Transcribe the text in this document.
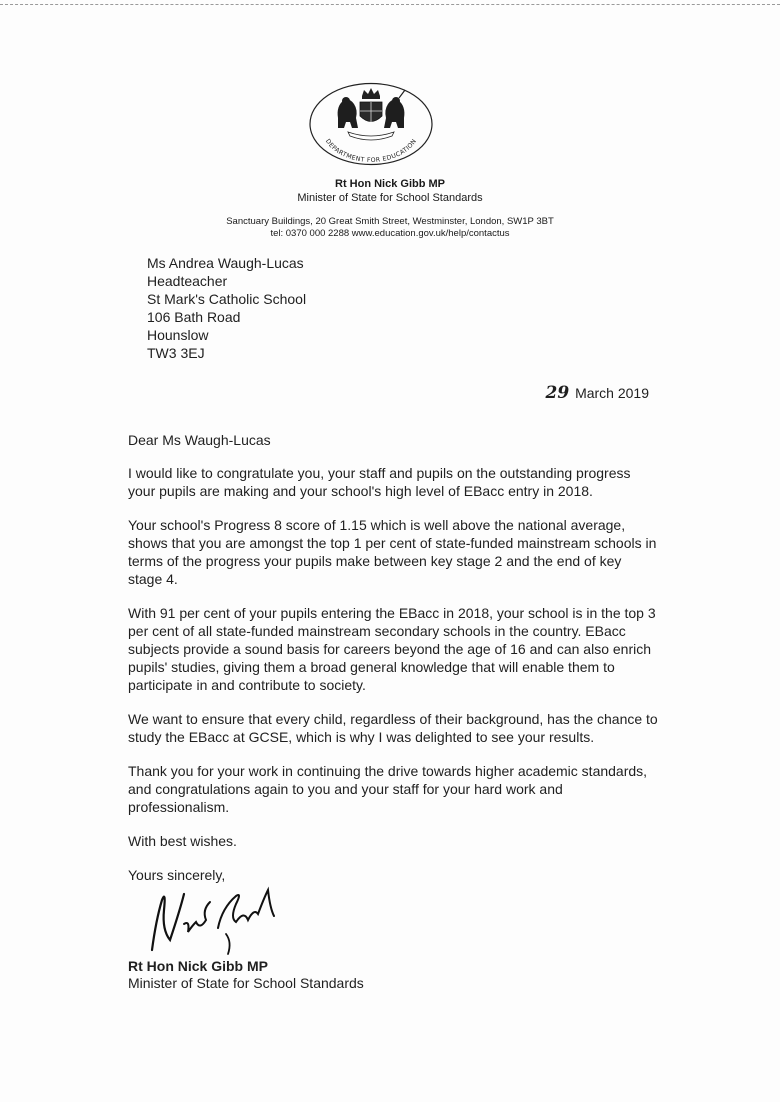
DEPARTMENT FOR EDUCATION
Rt Hon Nick Gibb MP
Minister of State for School Standards
Sanctuary Buildings, 20 Great Smith Street, Westminster, London, SW1P 3BT
tel: 0370 000 2288 www.education.gov.uk/help/contactus
Ms Andrea Waugh-Lucas
Headteacher
St Mark's Catholic School
106 Bath Road
Hounslow
TW3 3EJ
29 March 2019
Dear Ms Waugh-Lucas

I would like to congratulate you, your staff and pupils on the outstanding progress your pupils are making and your school's high level of EBacc entry in 2018.

Your school's Progress 8 score of 1.15 which is well above the national average, shows that you are amongst the top 1 per cent of state-funded mainstream schools in terms of the progress your pupils make between key stage 2 and the end of key stage 4.

With 91 per cent of your pupils entering the EBacc in 2018, your school is in the top 3 per cent of all state-funded mainstream secondary schools in the country. EBacc subjects provide a sound basis for careers beyond the age of 16 and can also enrich pupils' studies, giving them a broad general knowledge that will enable them to participate in and contribute to society.

We want to ensure that every child, regardless of their background, has the chance to study the EBacc at GCSE, which is why I was delighted to see your results.

Thank you for your work in continuing the drive towards higher academic standards, and congratulations again to you and your staff for your hard work and professionalism.

With best wishes.

Yours sincerely,

Rt Hon Nick Gibb MP
Minister of State for School Standards
